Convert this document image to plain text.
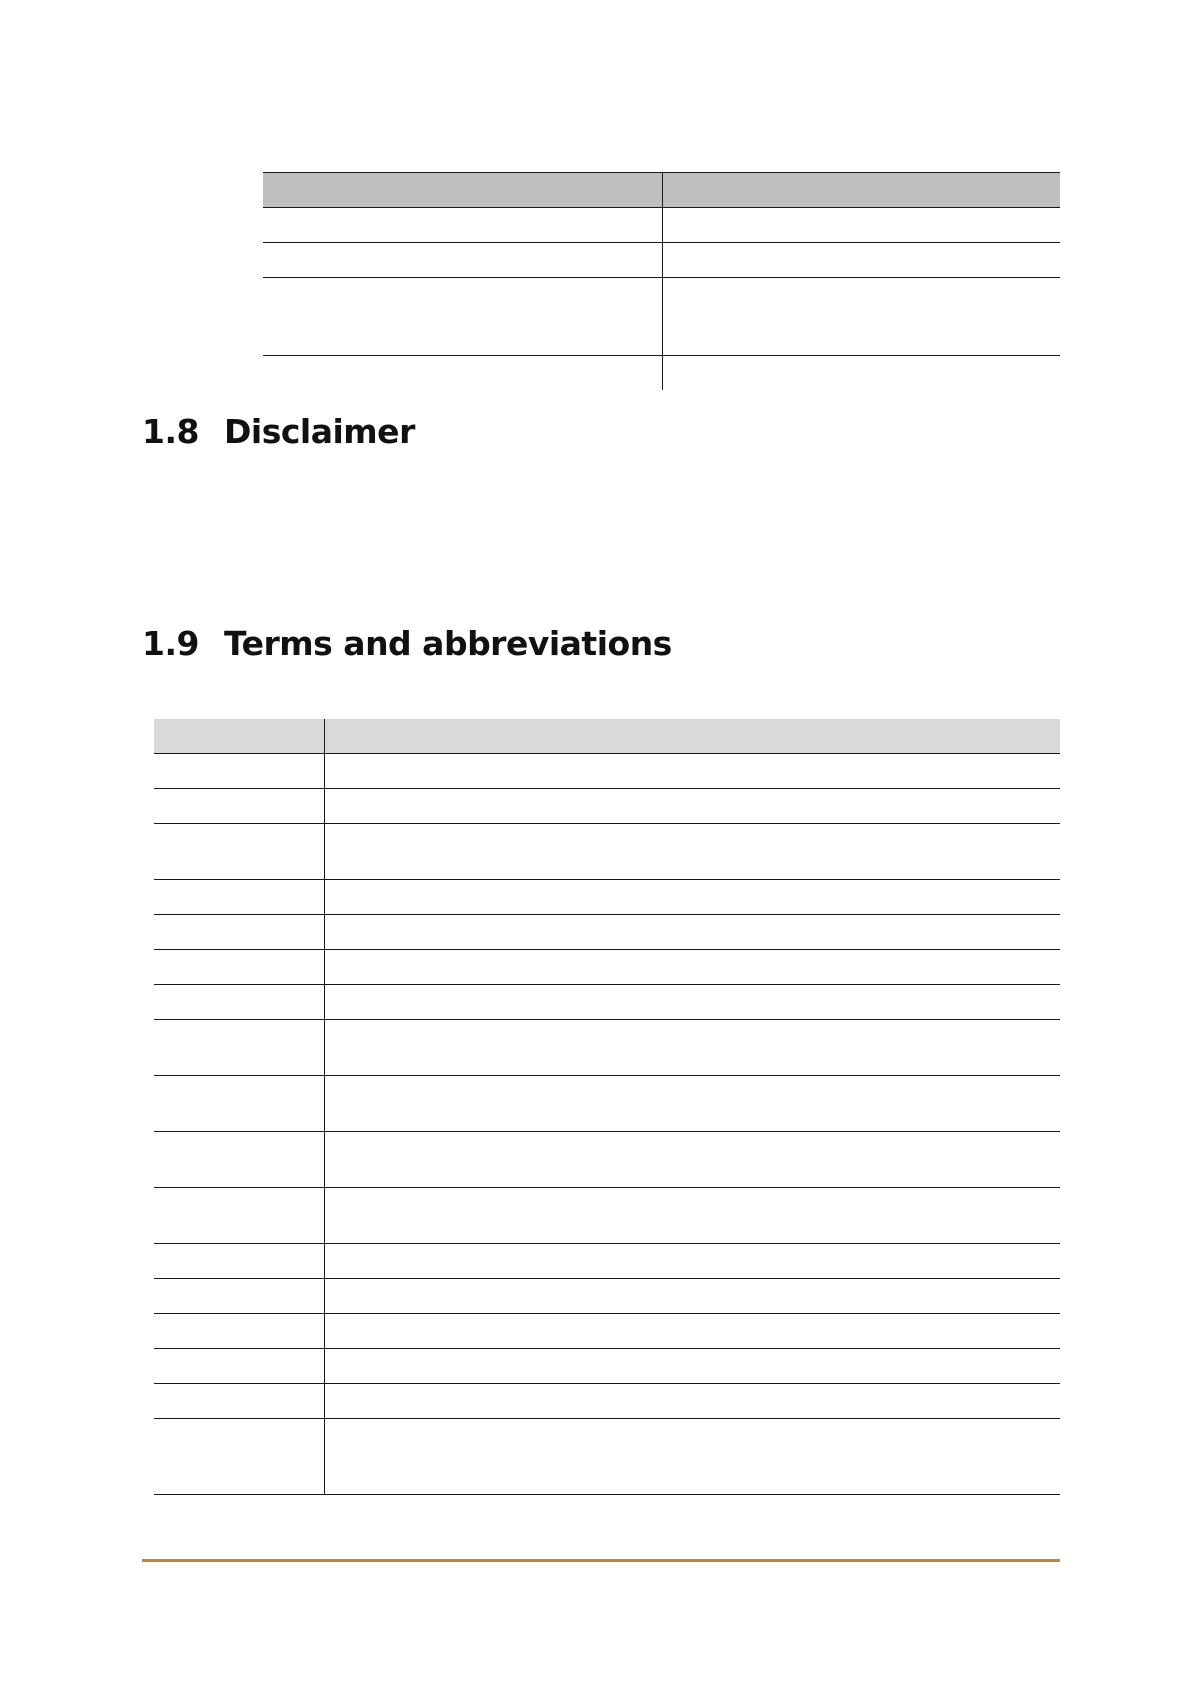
1.8 Disclaimer
1.9 Terms and abbreviations
